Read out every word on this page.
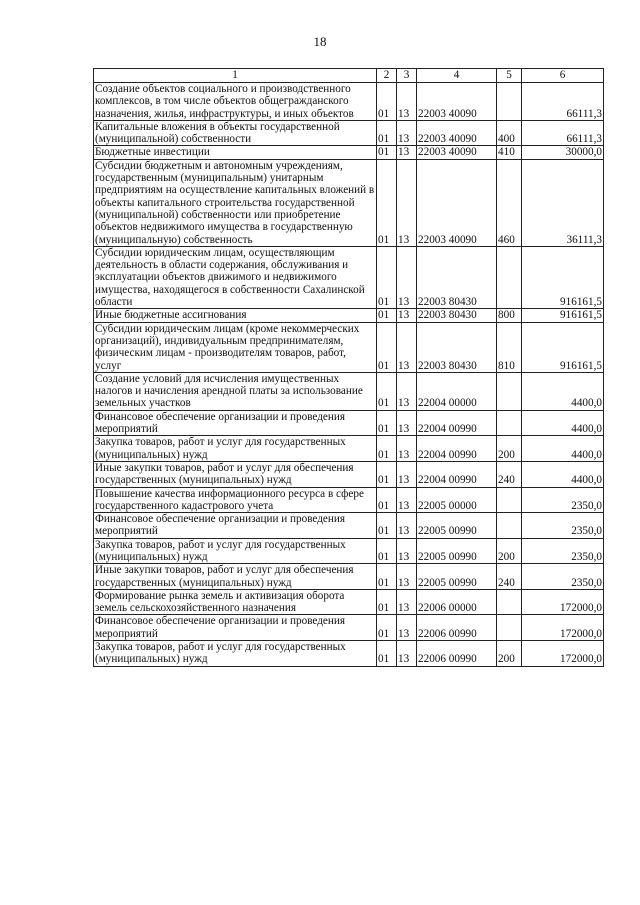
18
1	2	3	4	5	6
Создание объектов социального и производственного комплексов, в том числе объектов общегражданского назначения, жилья, инфраструктуры, и иных объектов	01	13	22003 40090		66111,3
Капитальные вложения в объекты государственной (муниципальной) собственности	01	13	22003 40090	400	66111,3
Бюджетные инвестиции	01	13	22003 40090	410	30000,0
Субсидии бюджетным и автономным учреждениям, государственным (муниципальным) унитарным предприятиям на осуществление капитальных вложений в объекты капитального строительства государственной (муниципальной) собственности или приобретение объектов недвижимого имущества в государственную (муниципальную) собственность	01	13	22003 40090	460	36111,3
Субсидии юридическим лицам, осуществляющим деятельность в области содержания, обслуживания и эксплуатации объектов движимого и недвижимого имущества, находящегося в собственности Сахалинской области	01	13	22003 80430		916161,5
Иные бюджетные ассигнования	01	13	22003 80430	800	916161,5
Субсидии юридическим лицам (кроме некоммерческих организаций), индивидуальным предпринимателям, физическим лицам - производителям товаров, работ, услуг	01	13	22003 80430	810	916161,5
Создание условий для исчисления имущественных налогов и начисления арендной платы за использование земельных участков	01	13	22004 00000		4400,0
Финансовое обеспечение организации и проведения мероприятий	01	13	22004 00990		4400,0
Закупка товаров, работ и услуг для государственных (муниципальных) нужд	01	13	22004 00990	200	4400,0
Иные закупки товаров, работ и услуг для обеспечения государственных (муниципальных) нужд	01	13	22004 00990	240	4400,0
Повышение качества информационного ресурса в сфере государственного кадастрового учета	01	13	22005 00000		2350,0
Финансовое обеспечение организации и проведения мероприятий	01	13	22005 00990		2350,0
Закупка товаров, работ и услуг для государственных (муниципальных) нужд	01	13	22005 00990	200	2350,0
Иные закупки товаров, работ и услуг для обеспечения государственных (муниципальных) нужд	01	13	22005 00990	240	2350,0
Формирование рынка земель и активизация оборота земель сельскохозяйственного назначения	01	13	22006 00000		172000,0
Финансовое обеспечение организации и проведения мероприятий	01	13	22006 00990		172000,0
Закупка товаров, работ и услуг для государственных (муниципальных) нужд	01	13	22006 00990	200	172000,0
